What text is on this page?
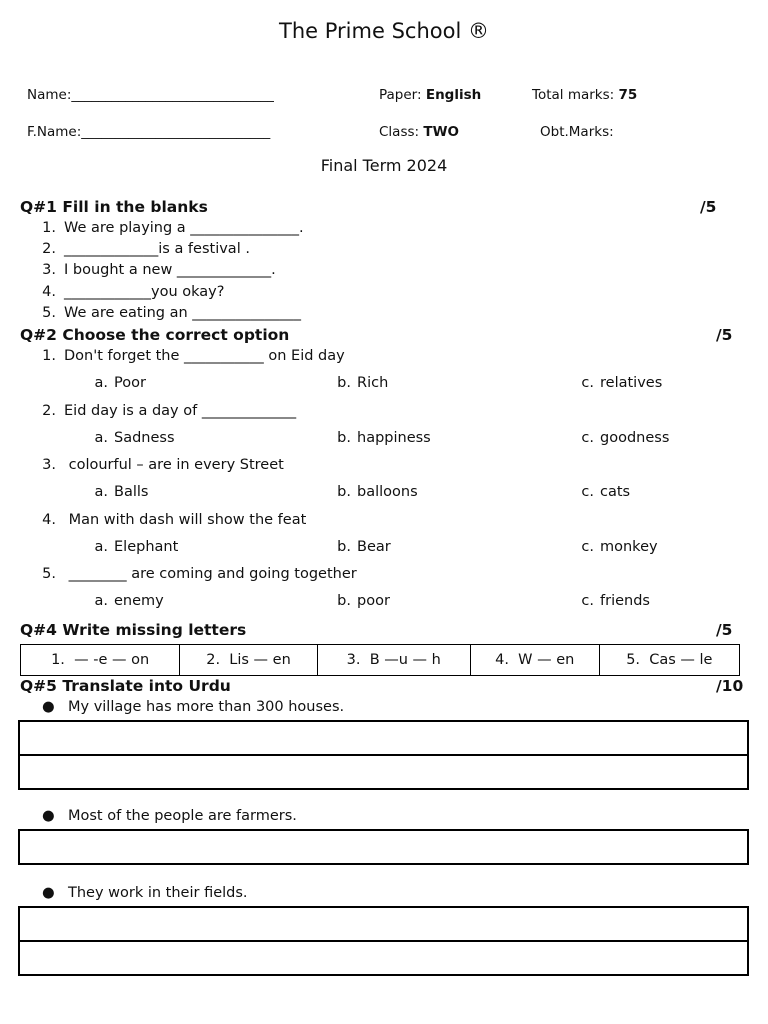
The Prime School ®
Name:______________________________	Paper: English	Total marks: 75
F.Name:____________________________	Class: TWO	Obt.Marks:
Final Term 2024
Q#1 Fill in the blanks	/5
1. We are playing a _______________.
2. _____________is a festival .
3. I bought a new _____________.
4. ____________you okay?
5. We are eating an _______________
Q#2 Choose the correct option	/5
1. Don't forget the ___________ on Eid day
a. Poor	b. Rich	c. relatives
2. Eid day is a day of _____________
a. Sadness	b. happiness	c. goodness
3. colourful – are in every Street
a. Balls	b. balloons	c. cats
4. Man with dash will show the feat
a. Elephant	b. Bear	c. monkey
5. ________ are coming and going together
a. enemy	b. poor	c. friends
Q#4 Write missing letters	/5
1. — -e — on	2. Lis — en	3. B —u — h	4. W — en	5. Cas — le
Q#5 Translate into Urdu	/10
● My village has more than 300 houses.
● Most of the people are farmers.
● They work in their fields.
